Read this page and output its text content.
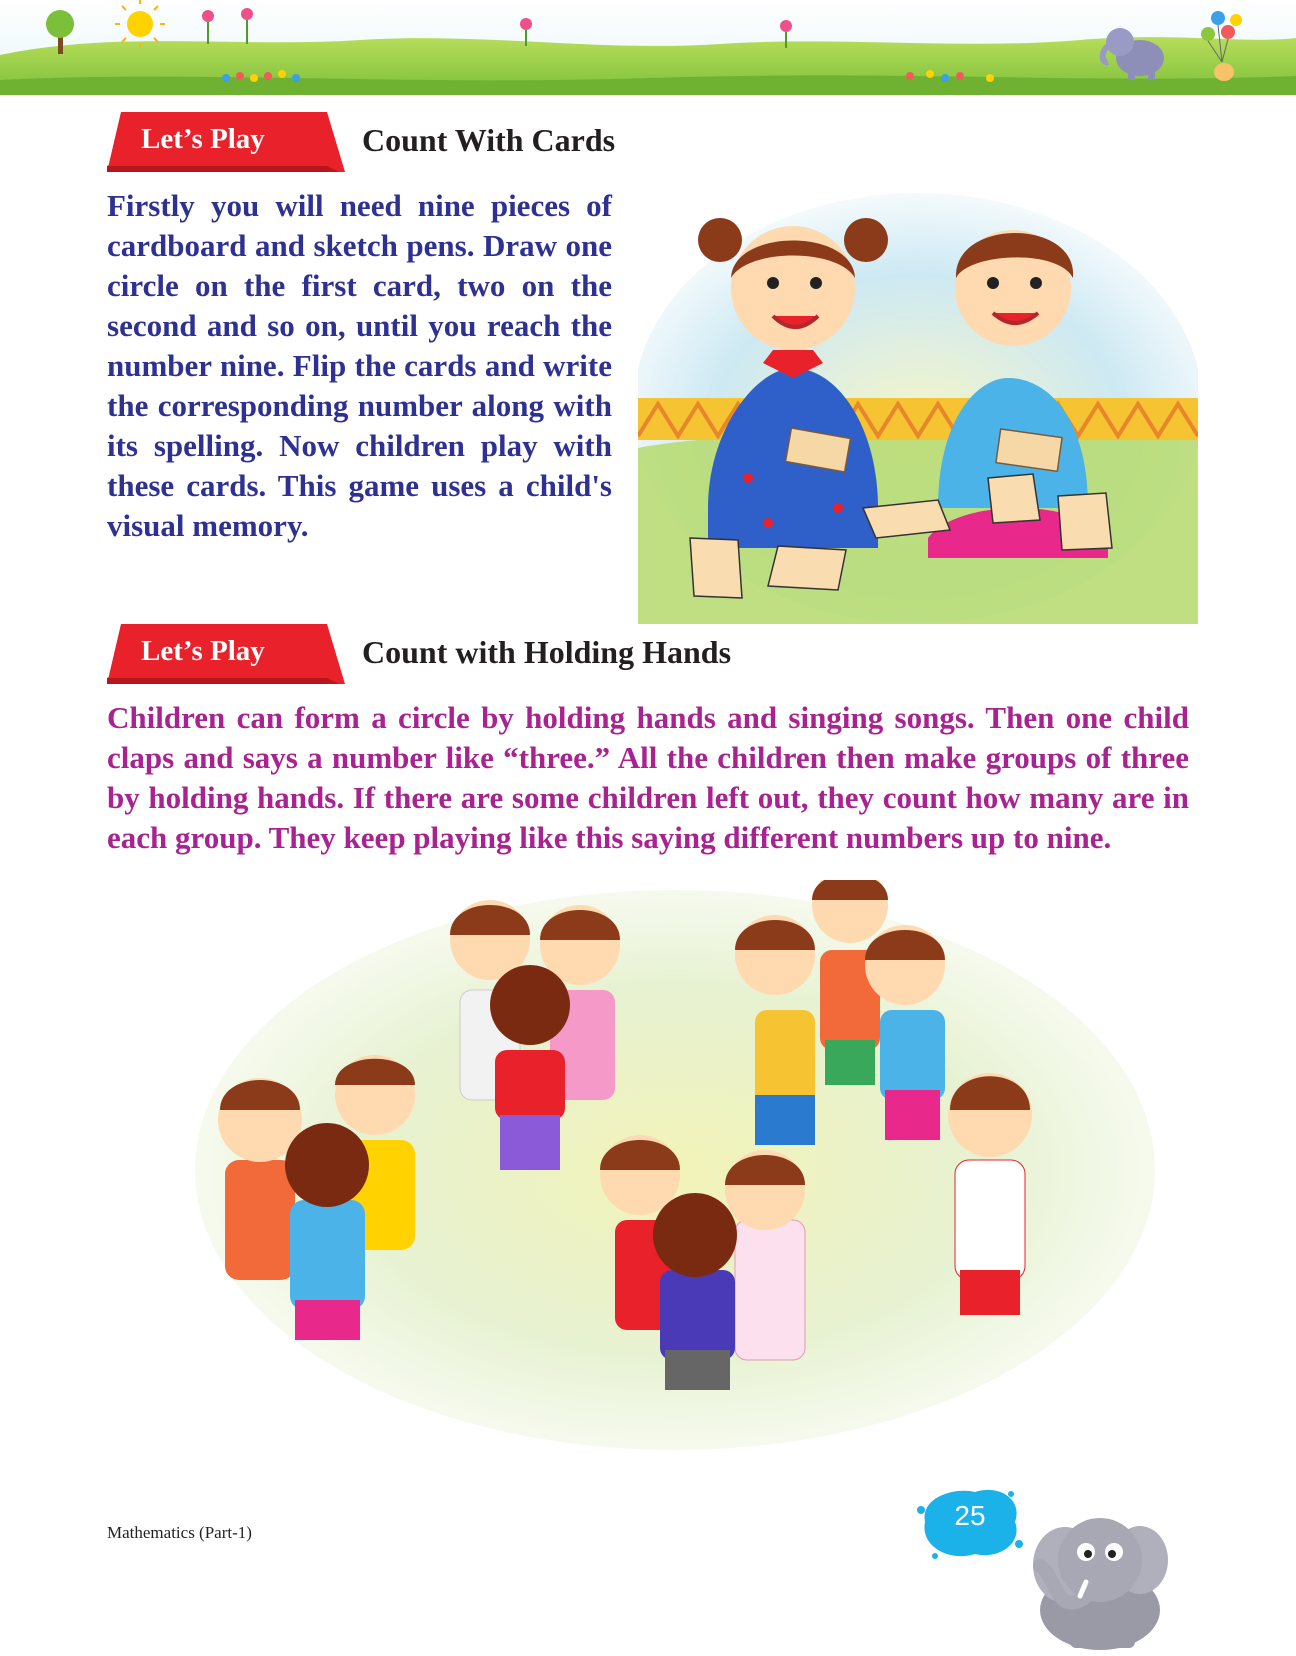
Let’s Play	Count With Cards

Firstly you will need nine pieces of cardboard and sketch pens. Draw one circle on the first card, two on the second and so on, until you reach the number nine. Flip the cards and write the corresponding number along with its spelling. Now children play with these cards. This game uses a child's visual memory.

Let’s Play	Count with Holding Hands

Children can form a circle by holding hands and singing songs. Then one child claps and says a number like “three.” All the children then make groups of three by holding hands. If there are some children left out, they count how many are in each group. They keep playing like this saying different numbers up to nine.

Mathematics (Part-1)
25
